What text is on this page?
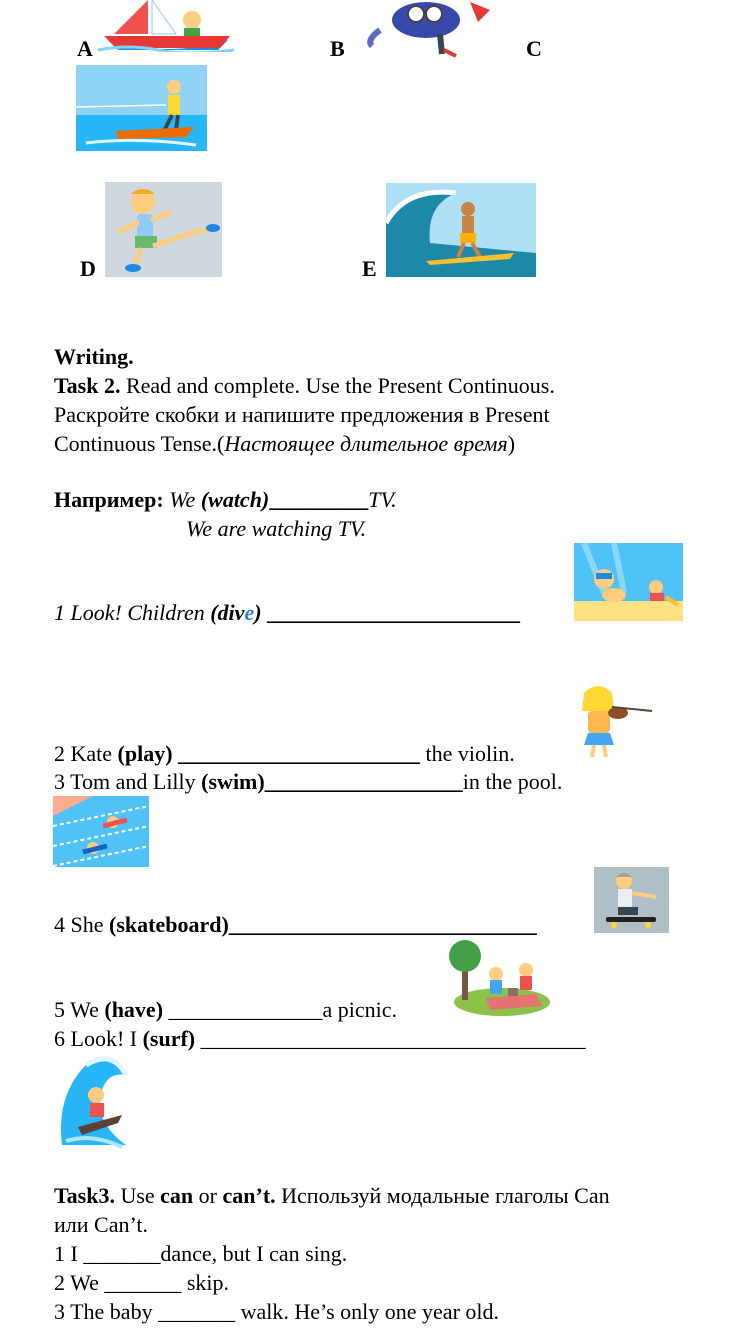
A	B	C
D	E
Writing.
Task 2. Read and complete. Use the Present Continuous.
Раскройте скобки и напишите предложения в Present
Continuous Tense.(Настоящее длительное время)
Например: We (watch)_________TV.
We are watching TV.
1 Look! Children (dive) _______________________
2 Kate (play) ______________________ the violin.
3 Tom and Lilly (swim)__________________in the pool.
4 She (skateboard)____________________________
5 We (have) ______________a picnic.
6 Look! I (surf) ___________________________________
Task3. Use can or can’t. Используй модальные глаголы Can
или Can’t.
1 I _______dance, but I can sing.
2 We _______ skip.
3 The baby _______ walk. He’s only one year old.
